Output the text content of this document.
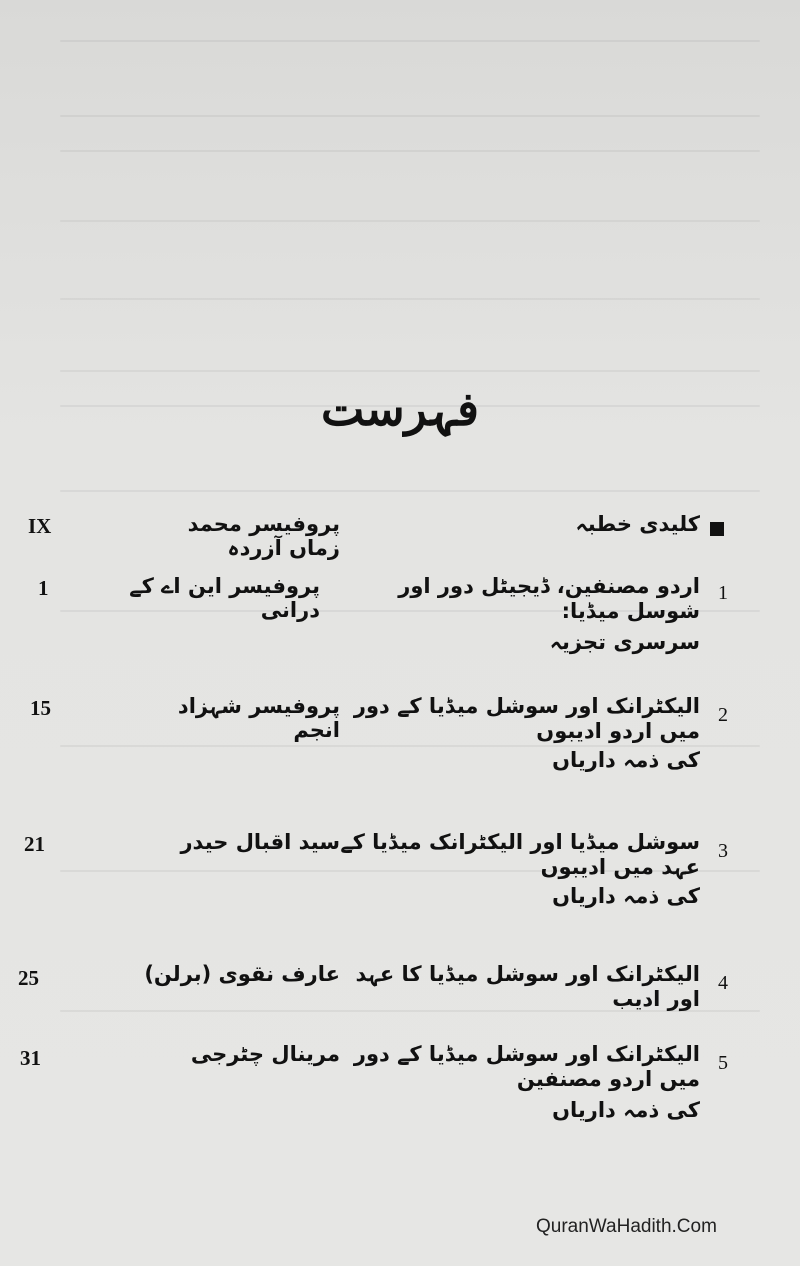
فہرست
کلیدی خطبہ
پروفیسر محمد زماں آزردہ
IX
1
اردو مصنفین، ڈیجیٹل دور اور شوسل میڈیا:
سرسری تجزیہ
پروفیسر این اے کے درانی
1
2
الیکٹرانک اور سوشل میڈیا کے دور میں اردو ادیبوں
کی ذمہ داریاں
پروفیسر شہزاد انجم
15
3
سوشل میڈیا اور الیکٹرانک میڈیا کے عہد میں ادیبوں
کی ذمہ داریاں
سید اقبال حیدر
21
4
الیکٹرانک اور سوشل میڈیا کا عہد اور ادیب
عارف نقوی (برلن)
25
5
الیکٹرانک اور سوشل میڈیا کے دور میں اردو مصنفین
کی ذمہ داریاں
مرینال چٹرجی
31
QuranWaHadith.Com
